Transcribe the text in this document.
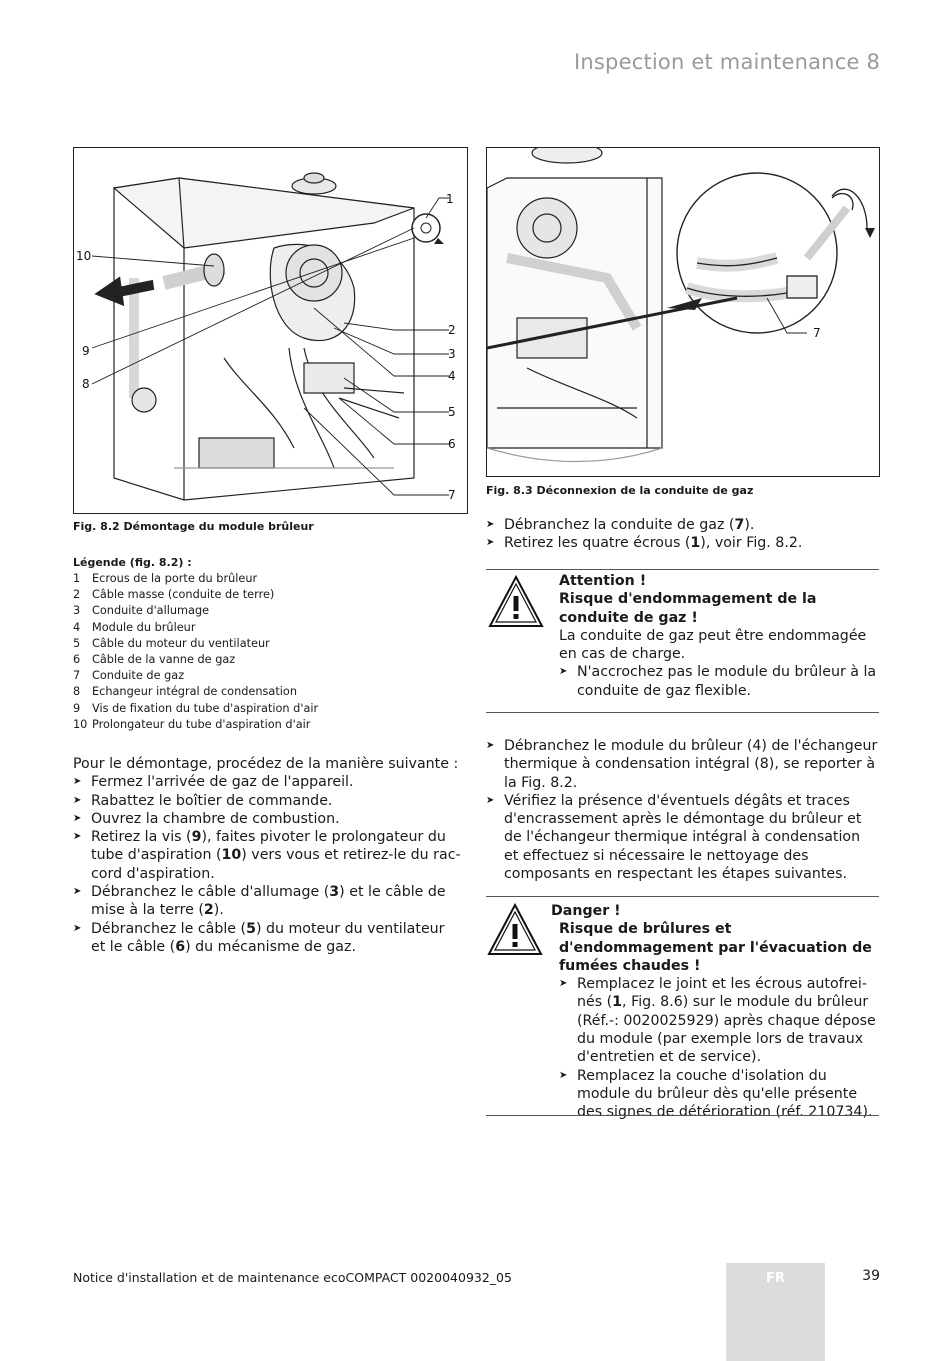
Inspection et maintenance 8
1
2
3
4
5
6
7
8
9
10
Fig. 8.2 Démontage du module brûleur
7
Fig. 8.3 Déconnexion de la conduite de gaz
Légende (fig. 8.2) :
1 Ecrous de la porte du brûleur
2 Câble masse (conduite de terre)
3 Conduite d'allumage
4 Module du brûleur
5 Câble du moteur du ventilateur
6 Câble de la vanne de gaz
7 Conduite de gaz
8 Echangeur intégral de condensation
9 Vis de fixation du tube d'aspiration d'air
10 Prolongateur du tube d'aspiration d'air
Pour le démontage, procédez de la manière suivante :
➤ Fermez l'arrivée de gaz de l'appareil.
➤ Rabattez le boîtier de commande.
➤ Ouvrez la chambre de combustion.
➤ Retirez la vis (9), faites pivoter le prolongateur du tube d'aspiration (10) vers vous et retirez-le du rac-cord d'aspiration.
➤ Débranchez le câble d'allumage (3) et le câble de mise à la terre (2).
➤ Débranchez le câble (5) du moteur du ventilateur et le câble (6) du mécanisme de gaz.
➤ Débranchez la conduite de gaz (7).
➤ Retirez les quatre écrous (1), voir Fig. 8.2.
Attention !
Risque d'endommagement de la conduite de gaz !
La conduite de gaz peut être endommagée en cas de charge.
➤ N'accrochez pas le module du brûleur à la conduite de gaz flexible.
➤ Débranchez le module du brûleur (4) de l'échangeur thermique à condensation intégral (8), se reporter à la Fig. 8.2.
➤ Vérifiez la présence d'éventuels dégâts et traces d'encrassement après le démontage du brûleur et de l'échangeur thermique intégral à condensation et effectuez si nécessaire le nettoyage des composants en respectant les étapes suivantes.
Danger !
Risque de brûlures et d'endommagement par l'évacuation de fumées chaudes !
➤ Remplacez le joint et les écrous autofrei-nés (1, Fig. 8.6) sur le module du brûleur (Réf.-: 0020025929) après chaque dépose du module (par exemple lors de travaux d'entretien et de service).
➤ Remplacez la couche d'isolation du module du brûleur dès qu'elle présente des signes de détérioration (réf. 210734).
Notice d'installation et de maintenance ecoCOMPACT 0020040932_05	FR	39
